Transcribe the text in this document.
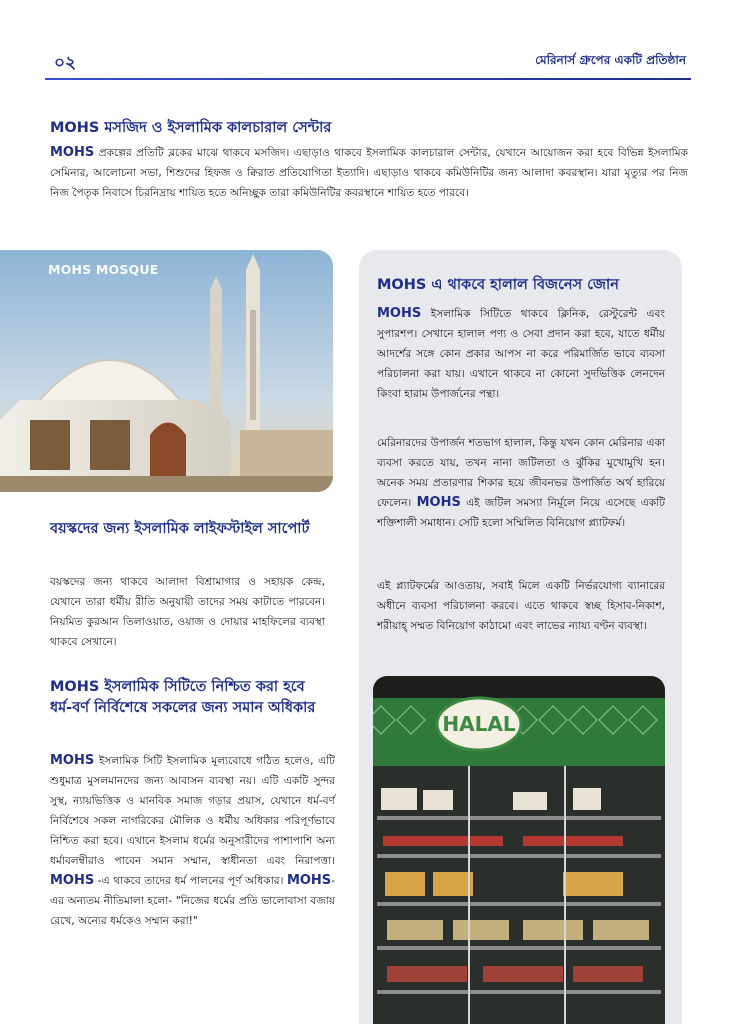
০২	মেরিনার্স গ্রুপের একটি প্রতিষ্ঠান
MOHS মসজিদ ও ইসলামিক কালচারাল সেন্টার
MOHS প্রকল্পের প্রতিটি ব্লকের মাঝে থাকবে মসজিদ। এছাড়াও থাকবে ইসলামিক কালচারাল সেন্টার, যেখানে আয়োজন করা হবে বিভিন্ন ইসলামিক সেমিনার, আলোচনা সভা, শিশুদের হিফজ ও ক্বিরাত প্রতিযোগিতা ইত্যাদি। এছাড়াও থাকবে কমিউনিটির জন্য আলাদা কবরস্থান। যারা মৃত্যুর পর নিজ নিজ পৈতৃক নিবাসে চিরনিদ্রায় শায়িত হতে অনিচ্ছুক তারা কমিউনিটির কবরস্থানে শায়িত হতে পারবে।
MOHS MOSQUE
বয়স্কদের জন্য ইসলামিক লাইফস্টাইল সাপোর্ট
বয়স্কদের জন্য থাকবে আলাদা বিশ্রামাগার ও সহায়ক কেন্দ্র, যেখানে তারা ধর্মীয় রীতি অনুযায়ী তাদের সময় কাটাতে পারবেন। নিয়মিত কুরআন তিলাওয়াত, ওয়াজ ও দোয়ার মাহফিলের ব্যবস্থা থাকবে সেখানে।
MOHS ইসলামিক সিটিতে নিশ্চিত করা হবে ধর্ম-বর্ণ নির্বিশেষে সকলের জন্য সমান অধিকার
MOHS ইসলামিক সিটি ইসলামিক মূল্যবোধে গঠিত হলেও, এটি শুধুমাত্র মুসলমানদের জন্য আবাসন ব্যবস্থা নয়। এটি একটি সুন্দর সুস্থ, ন্যায়ভিত্তিক ও মানবিক সমাজ গড়ার প্রয়াস, যেখানে ধর্ম-বর্ণ নির্বিশেষে সকল নাগরিকের মৌলিক ও ধর্মীয় অধিকার পরিপূর্ণভাবে নিশ্চিত করা হবে। এখানে ইসলাম ধর্মের অনুসারীদের পাশাপাশি অন্য ধর্মাবলম্বীরাও পাবেন সমান সম্মান, স্বাধীনতা এবং নিরাপত্তা। MOHS -এ থাকবে তাদের ধর্ম পালনের পূর্ণ অধিকার। MOHS-এর অন্যতম নীতিমালা হলো- "নিজের ধর্মের প্রতি ভালোবাসা বজায় রেখে, অন্যের ধর্মকেও সম্মান করা!"
MOHS এ থাকবে হালাল বিজনেস জোন
MOHS ইসলামিক সিটিতে থাকবে ক্লিনিক, রেস্টুরেন্ট এবং সুপারশপ। সেখানে হালাল পণ্য ও সেবা প্রদান করা হবে, যাতে ধর্মীয় আদর্শের সঙ্গে কোন প্রকার আপস না করে পরিমার্জিত ভাবে ব্যবসা পরিচালনা করা যায়। এখানে থাকবে না কোনো সুদভিত্তিক লেনদেন কিংবা হারাম উপার্জনের পন্থা।
মেরিনারদের উপার্জন শতভাগ হালাল, কিন্তু যখন কোন মেরিনার একা ব্যবসা করতে যায়, তখন নানা জটিলতা ও ঝুঁকির মুখোমুখি হন। অনেক সময় প্রতারণার শিকার হয়ে জীবনভর উপার্জিত অর্থ হারিয়ে ফেলেন। MOHS এই জটিল সমস্যা নির্মূলে নিয়ে এসেছে একটি শক্তিশালী সমাধান। সেটি হলো সম্মিলিত বিনিয়োগ প্ল্যাটফর্ম।
এই প্ল্যাটফর্মের আওতায়, সবাই মিলে একটি নির্ভরযোগ্য ব্যানারের অধীনে ব্যবসা পরিচালনা করবে। এতে থাকবে স্বচ্ছ হিসাব-নিকাশ, শরীয়াহ্‌ সম্মত বিনিয়োগ কাঠামো এবং লাভের ন্যায্য বণ্টন ব্যবস্থা।
HALAL
